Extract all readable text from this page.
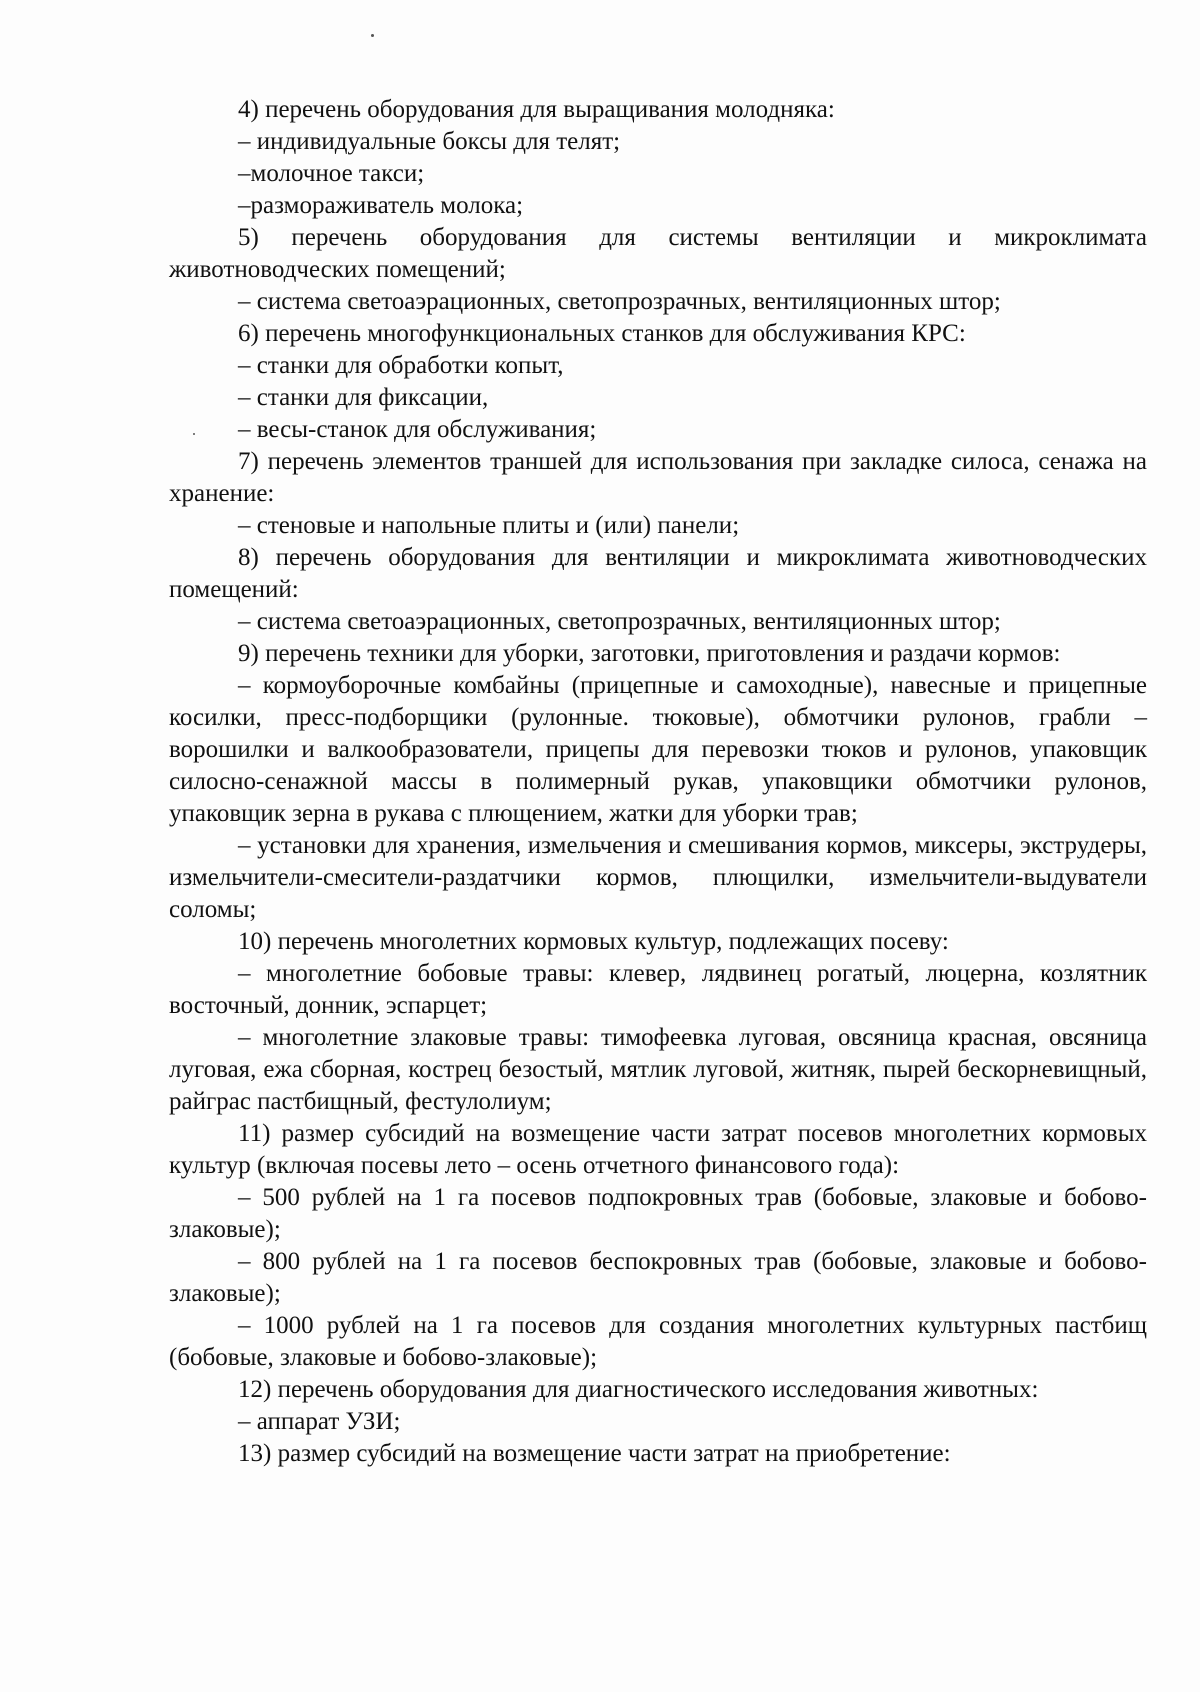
4) перечень оборудования для выращивания молодняка:

– индивидуальные боксы для телят;

–молочное такси;

–размораживатель молока;

5) перечень оборудования для системы вентиляции и микроклимата животноводческих помещений;

– система светоаэрационных, светопрозрачных, вентиляционных штор;

6) перечень многофункциональных станков для обслуживания КРС:

– станки для обработки копыт,

– станки для фиксации,

– весы-станок для обслуживания;

7) перечень элементов траншей для использования при закладке силоса, сенажа на хранение:

– стеновые и напольные плиты и (или) панели;

8) перечень оборудования для вентиляции и микроклимата животноводческих помещений:

– система светоаэрационных, светопрозрачных, вентиляционных штор;

9) перечень техники для уборки, заготовки, приготовления и раздачи кормов:

– кормоуборочные комбайны (прицепные и самоходные), навесные и прицепные косилки, пресс-подборщики (рулонные. тюковые), обмотчики рулонов, грабли – ворошилки и валкообразователи, прицепы для перевозки тюков и рулонов, упаковщик силосно-сенажной массы в полимерный рукав, упаковщики обмотчики рулонов, упаковщик зерна в рукава с плющением, жатки для уборки трав;

– установки для хранения, измельчения и смешивания кормов, миксеры, экструдеры, измельчители-смесители-раздатчики кормов, плющилки, измельчители-выдуватели соломы;

10) перечень многолетних кормовых культур, подлежащих посеву:

– многолетние бобовые травы: клевер, лядвинец рогатый, люцерна, козлятник восточный, донник, эспарцет;

– многолетние злаковые травы: тимофеевка луговая, овсяница красная, овсяница луговая, ежа сборная, кострец безостый, мятлик луговой, житняк, пырей бескорневищный, райграс пастбищный, фестулолиум;

11) размер субсидий на возмещение части затрат посевов многолетних кормовых культур (включая посевы лето – осень отчетного финансового года):

– 500 рублей на 1 га посевов подпокровных трав (бобовые, злаковые и бобово-злаковые);

– 800 рублей на 1 га посевов беспокровных трав (бобовые, злаковые и бобово-злаковые);

– 1000 рублей на 1 га посевов для создания многолетних культурных пастбищ (бобовые, злаковые и бобово-злаковые);

12) перечень оборудования для диагностического исследования животных:

– аппарат УЗИ;

13) размер субсидий на возмещение части затрат на приобретение:
